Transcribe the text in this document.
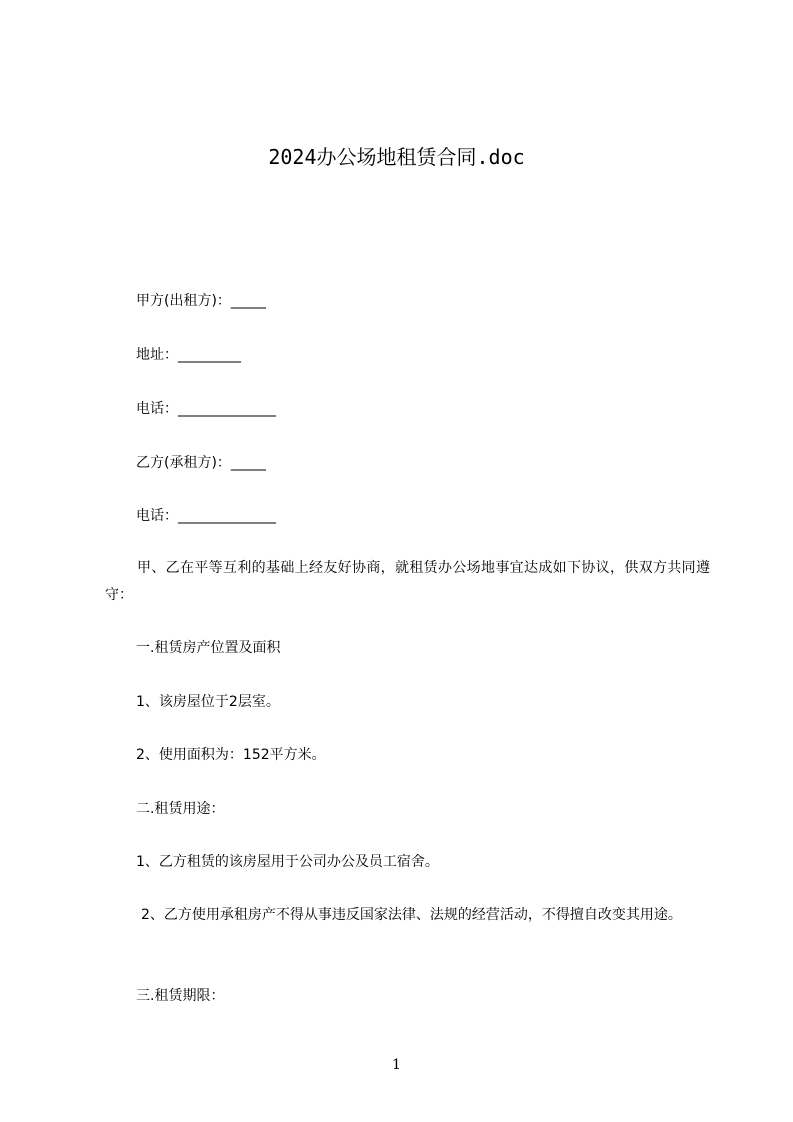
2024办公场地租赁合同.doc

甲方(出租方)：_____

地址：_________

电话：______________

乙方(承租方)：_____

电话：______________

甲、乙在平等互利的基础上经友好协商，就租赁办公场地事宜达成如下协议，供双方共同遵守：

一.租赁房产位置及面积

1、该房屋位于2层室。

2、使用面积为：152平方米。

二.租赁用途：

1、乙方租赁的该房屋用于公司办公及员工宿舍。

2、乙方使用承租房产不得从事违反国家法律、法规的经营活动，不得擅自改变其用途。

三.租赁期限：

1
